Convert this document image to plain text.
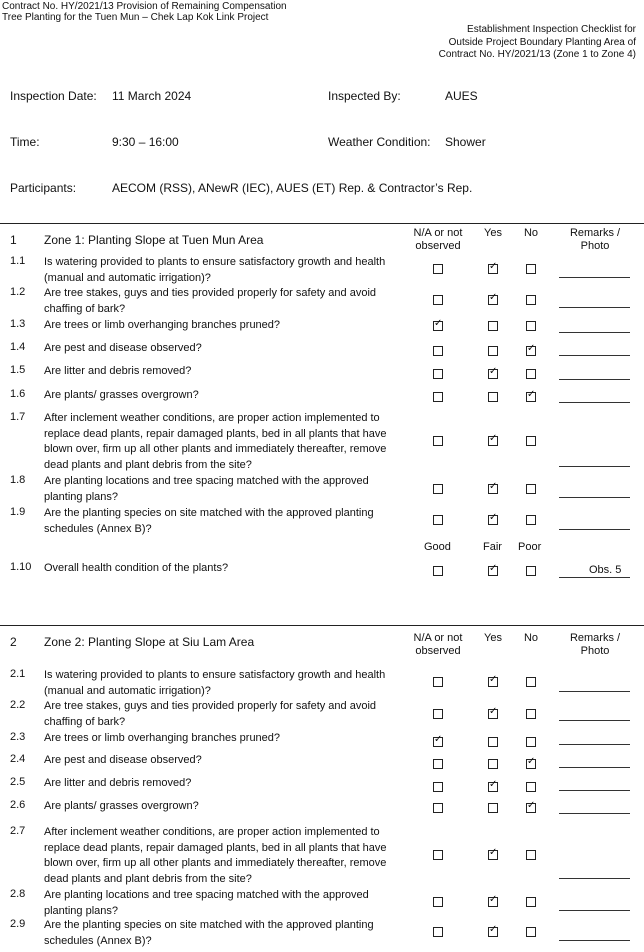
Contract No. HY/2021/13 Provision of Remaining Compensation
Tree Planting for the Tuen Mun – Chek Lap Kok Link Project
Establishment Inspection Checklist for
Outside Project Boundary Planting Area of
Contract No. HY/2021/13 (Zone 1 to Zone 4)
Inspection Date: 11 March 2024	Inspected By:	AUES
Time:	9:30 – 16:00	Weather Condition: Shower
Participants:	AECOM (RSS), ANewR (IEC), AUES (ET) Rep. & Contractor’s Rep.
1 Zone 1: Planting Slope at Tuen Mun Area	N/A or not observed
Yes	No	Remarks / Photo
1.1 Is watering provided to plants to ensure satisfactory growth and health (manual and automatic irrigation)?
✓
1.2 Are tree stakes, guys and ties provided properly for safety and avoid chaffing of bark?
✓
1.3 Are trees or limb overhanging branches pruned?
✓
1.4 Are pest and disease observed?
✓
1.5 Are litter and debris removed?
✓
1.6 Are plants/ grasses overgrown?
✓
1.7 After inclement weather conditions, are proper action implemented to replace dead plants, repair damaged plants, bed in all plants that have blown over, firm up all other plants and immediately thereafter, remove dead plants and plant debris from the site?
✓
1.8 Are planting locations and tree spacing matched with the approved planting plans?
✓
1.9 Are the planting species on site matched with the approved planting schedules (Annex B)?
✓
1.10 Overall health condition of the plants?
✓	Obs. 5
Good	Fair Poor
2 Zone 2: Planting Slope at Siu Lam Area	N/A or not observed
Yes	No	Remarks / Photo
2.1 Is watering provided to plants to ensure satisfactory growth and health (manual and automatic irrigation)?
✓
2.2 Are tree stakes, guys and ties provided properly for safety and avoid chaffing of bark?
✓
2.3 Are trees or limb overhanging branches pruned?
✓
2.4 Are pest and disease observed?
✓
2.5 Are litter and debris removed?
✓
2.6 Are plants/ grasses overgrown?
✓
2.7 After inclement weather conditions, are proper action implemented to replace dead plants, repair damaged plants, bed in all plants that have blown over, firm up all other plants and immediately thereafter, remove dead plants and plant debris from the site?
✓
2.8 Are planting locations and tree spacing matched with the approved planting plans?
✓
2.9 Are the planting species on site matched with the approved planting schedules (Annex B)?
✓
